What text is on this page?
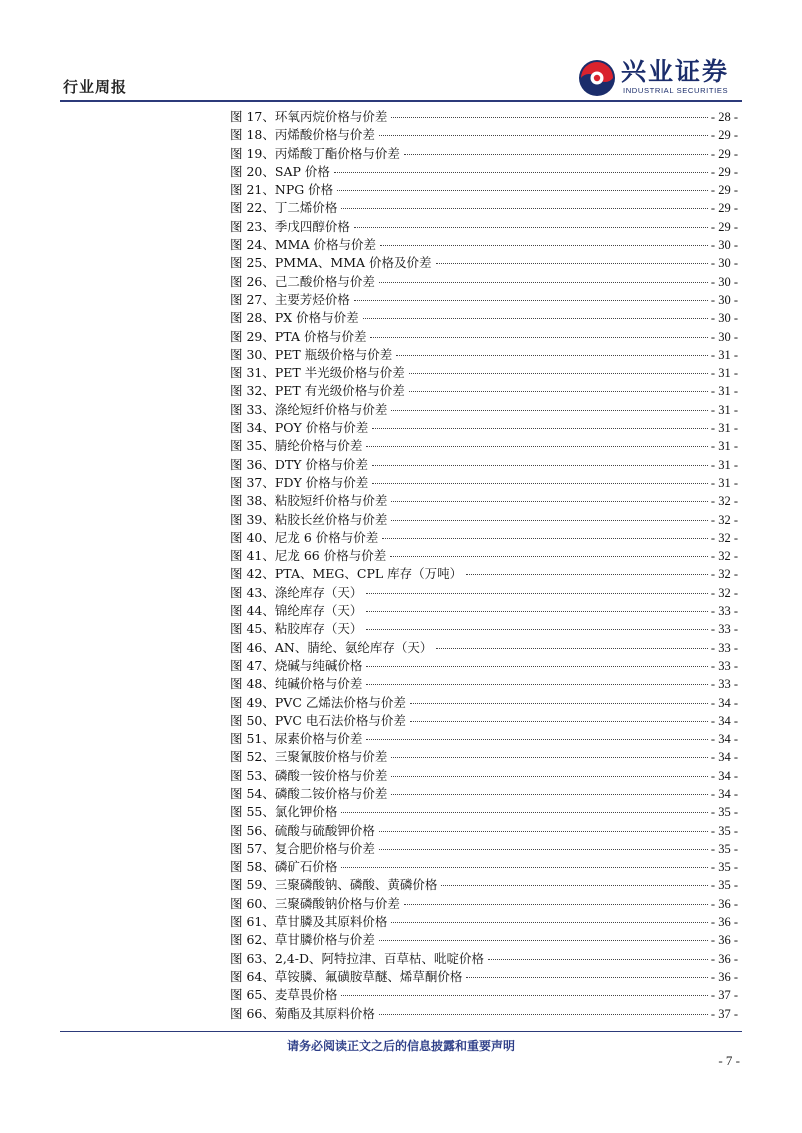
行业周报
兴业证券
INDUSTRIAL SECURITIES
图 17、环氧丙烷价格与价差	- 28 -
图 18、丙烯酸价格与价差	- 29 -
图 19、丙烯酸丁酯价格与价差	- 29 -
图 20、SAP 价格	- 29 -
图 21、NPG 价格	- 29 -
图 22、丁二烯价格	- 29 -
图 23、季戊四醇价格	- 29 -
图 24、MMA 价格与价差	- 30 -
图 25、PMMA、MMA 价格及价差	- 30 -
图 26、己二酸价格与价差	- 30 -
图 27、主要芳烃价格	- 30 -
图 28、PX 价格与价差	- 30 -
图 29、PTA 价格与价差	- 30 -
图 30、PET 瓶级价格与价差	- 31 -
图 31、PET 半光级价格与价差	- 31 -
图 32、PET 有光级价格与价差	- 31 -
图 33、涤纶短纤价格与价差	- 31 -
图 34、POY 价格与价差	- 31 -
图 35、腈纶价格与价差	- 31 -
图 36、DTY 价格与价差	- 31 -
图 37、FDY 价格与价差	- 31 -
图 38、粘胶短纤价格与价差	- 32 -
图 39、粘胶长丝价格与价差	- 32 -
图 40、尼龙 6 价格与价差	- 32 -
图 41、尼龙 66 价格与价差	- 32 -
图 42、PTA、MEG、CPL 库存（万吨）	- 32 -
图 43、涤纶库存（天）	- 32 -
图 44、锦纶库存（天）	- 33 -
图 45、粘胶库存（天）	- 33 -
图 46、AN、腈纶、氨纶库存（天）	- 33 -
图 47、烧碱与纯碱价格	- 33 -
图 48、纯碱价格与价差	- 33 -
图 49、PVC 乙烯法价格与价差	- 34 -
图 50、PVC 电石法价格与价差	- 34 -
图 51、尿素价格与价差	- 34 -
图 52、三聚氰胺价格与价差	- 34 -
图 53、磷酸一铵价格与价差	- 34 -
图 54、磷酸二铵价格与价差	- 34 -
图 55、氯化钾价格	- 35 -
图 56、硫酸与硫酸钾价格	- 35 -
图 57、复合肥价格与价差	- 35 -
图 58、磷矿石价格	- 35 -
图 59、三聚磷酸钠、磷酸、黄磷价格	- 35 -
图 60、三聚磷酸钠价格与价差	- 36 -
图 61、草甘膦及其原料价格	- 36 -
图 62、草甘膦价格与价差	- 36 -
图 63、2,4-D、阿特拉津、百草枯、吡啶价格	- 36 -
图 64、草铵膦、氟磺胺草醚、烯草酮价格	- 36 -
图 65、麦草畏价格	- 37 -
图 66、菊酯及其原料价格	- 37 -
请务必阅读正文之后的信息披露和重要声明
- 7 -
